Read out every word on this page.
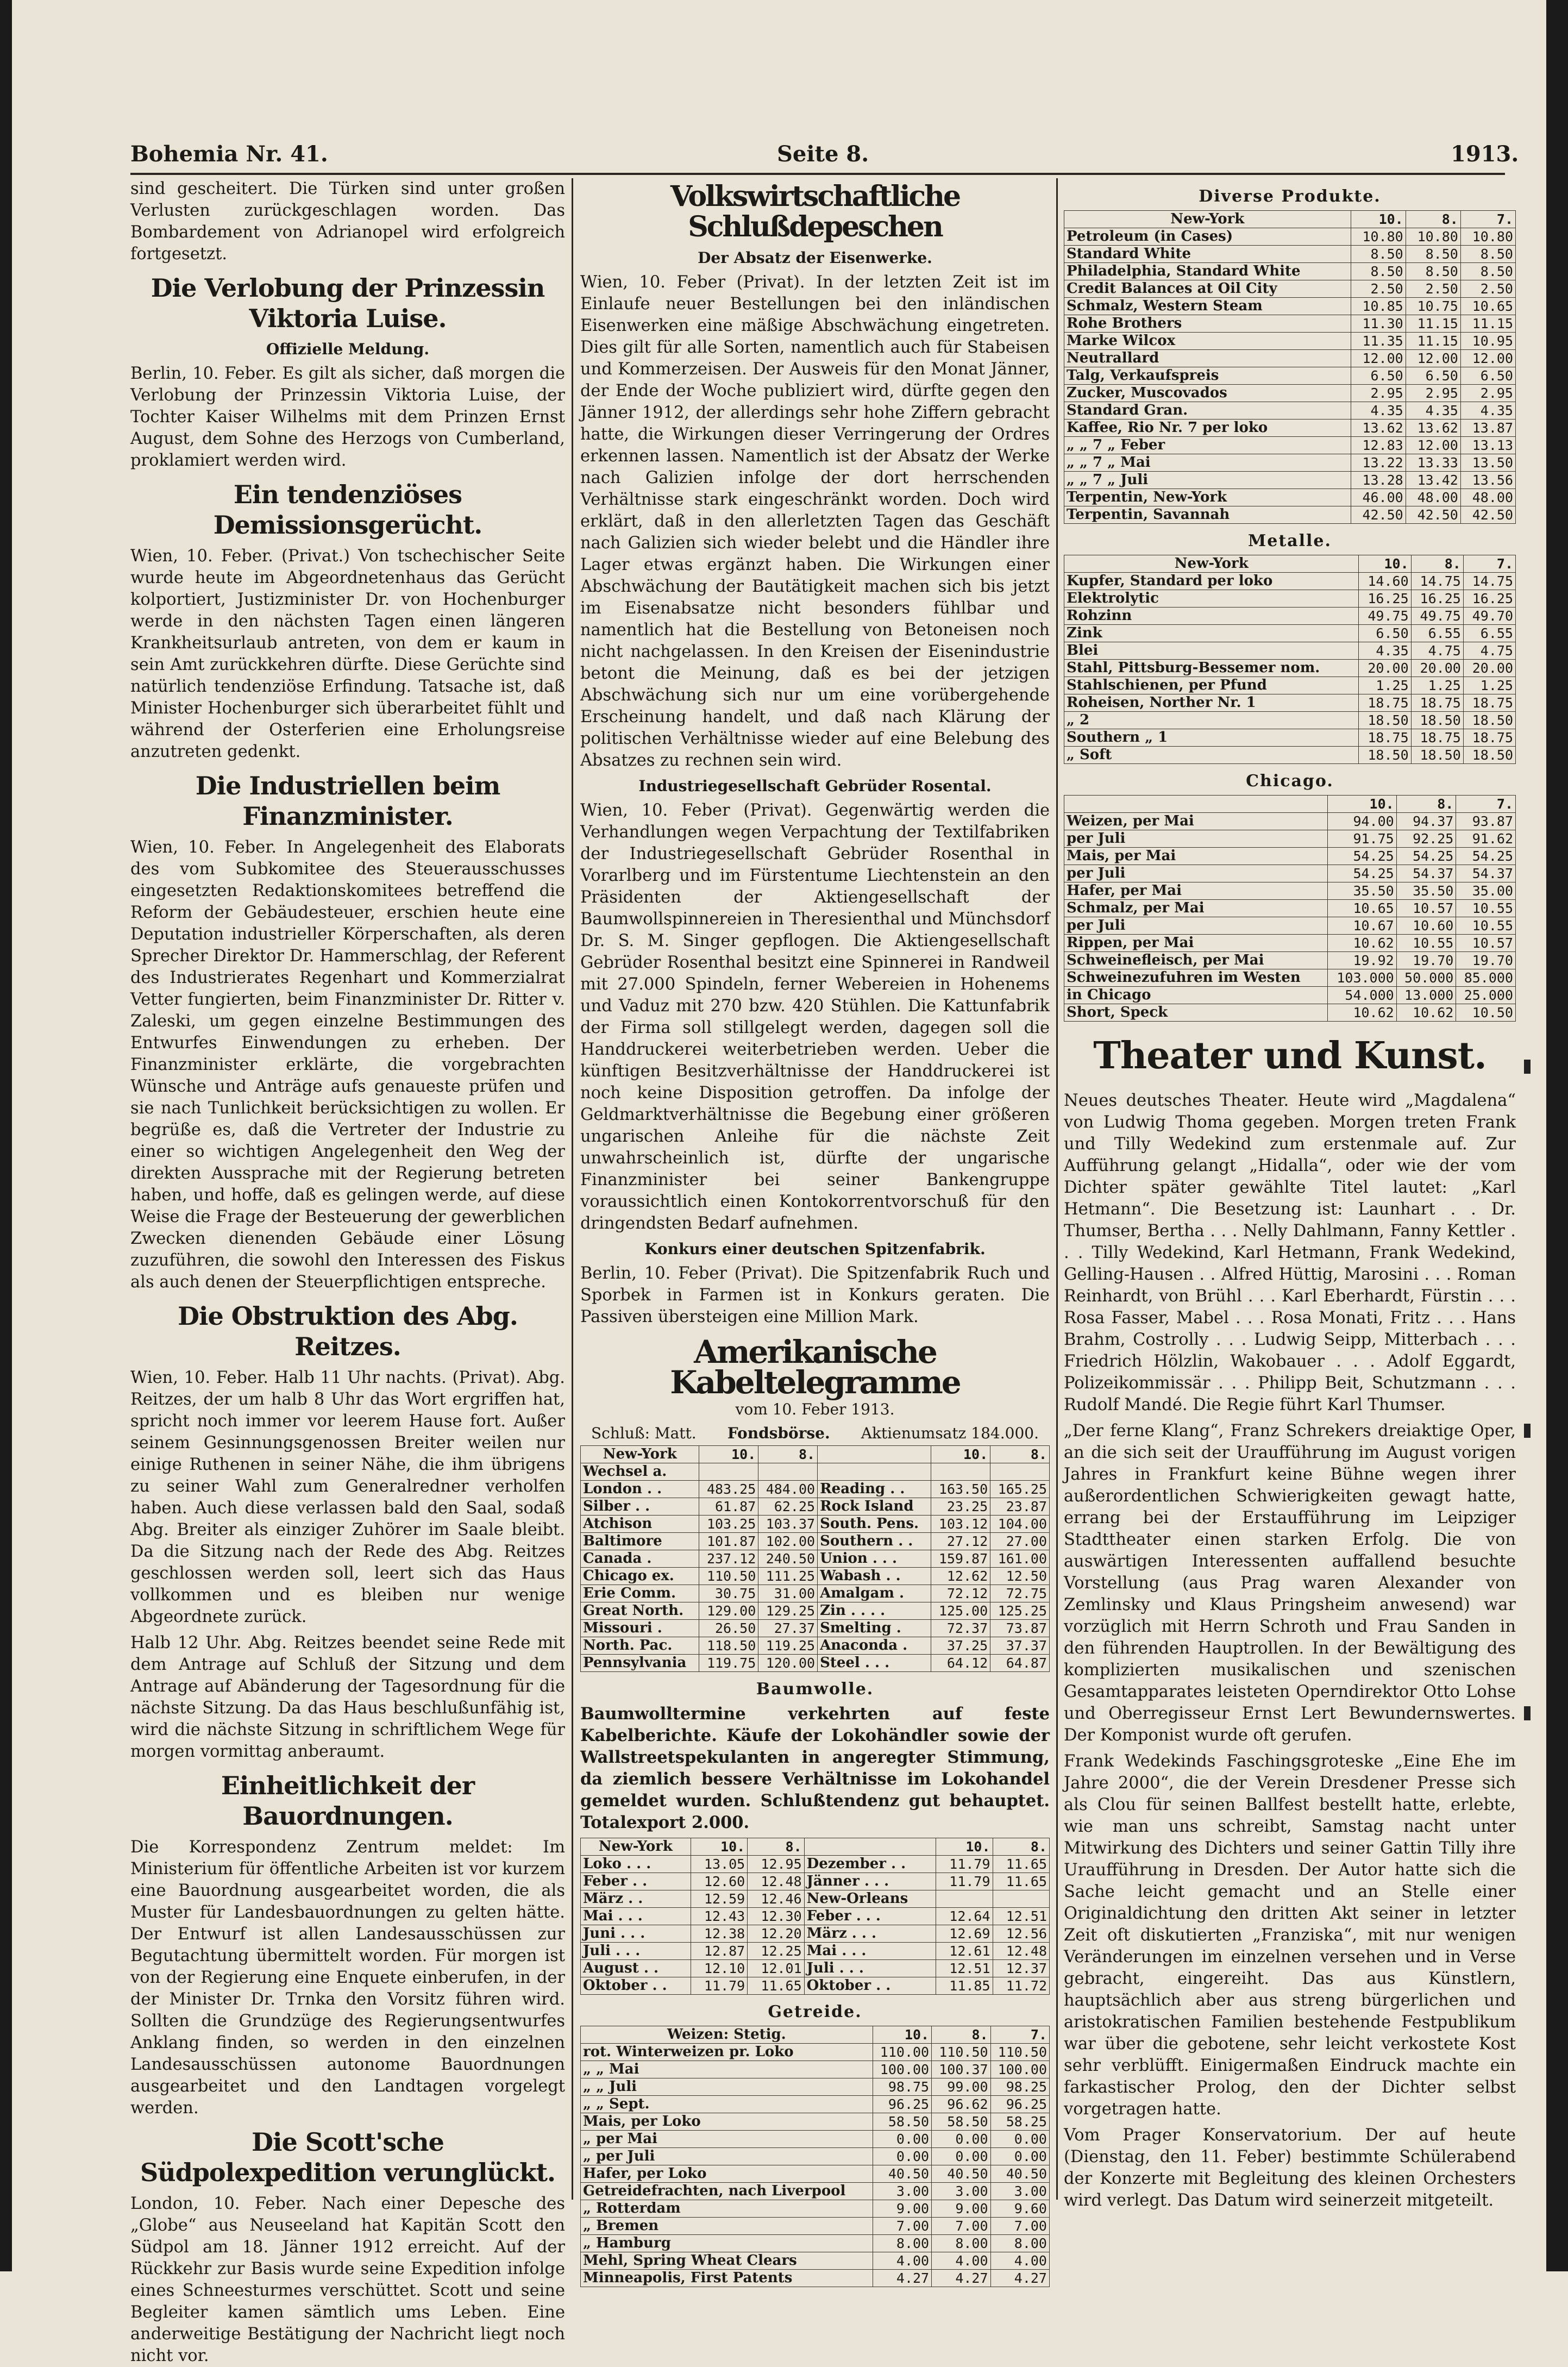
Bohemia Nr. 41.	Seite 8.	1913.

sind gescheitert. Die Türken sind unter großen Verlusten zurückgeschlagen worden. Das Bombardement von Adrianopel wird erfolgreich fortgesetzt.

Die Verlobung der Prinzessin Viktoria Luise.
Offizielle Meldung.

Berlin, 10. Feber. Es gilt als sicher, daß morgen die Verlobung der Prinzessin Viktoria Luise, der Tochter Kaiser Wilhelms mit dem Prinzen Ernst August, dem Sohne des Herzogs von Cumberland, proklamiert werden wird.

Ein tendenziöses Demissionsgerücht.

Wien, 10. Feber. (Privat.) Von tschechischer Seite wurde heute im Abgeordnetenhaus das Gerücht kolportiert, Justizminister Dr. von Hochenburger werde in den nächsten Tagen einen längeren Krankheitsurlaub antreten, von dem er kaum in sein Amt zurückkehren dürfte. Diese Gerüchte sind natürlich tendenziöse Erfindung. Tatsache ist, daß Minister Hochenburger sich überarbeitet fühlt und während der Osterferien eine Erholungsreise anzutreten gedenkt.

Die Industriellen beim Finanzminister.

Wien, 10. Feber. In Angelegenheit des Elaborats des vom Subkomitee des Steuerausschusses eingesetzten Redaktionskomitees betreffend die Reform der Gebäudesteuer, erschien heute eine Deputation industrieller Körperschaften, als deren Sprecher Direktor Dr. Hammerschlag, der Referent des Industrierates Regenhart und Kommerzialrat Vetter fungierten, beim Finanzminister Dr. Ritter v. Zaleski, um gegen einzelne Bestimmungen des Entwurfes Einwendungen zu erheben. Der Finanzminister erklärte, die vorgebrachten Wünsche und Anträge aufs genaueste prüfen und sie nach Tunlichkeit berücksichtigen zu wollen. Er begrüße es, daß die Vertreter der Industrie zu einer so wichtigen Angelegenheit den Weg der direkten Aussprache mit der Regierung betreten haben, und hoffe, daß es gelingen werde, auf diese Weise die Frage der Besteuerung der gewerblichen Zwecken dienenden Gebäude einer Lösung zuzuführen, die sowohl den Interessen des Fiskus als auch denen der Steuerpflichtigen entspreche.

Die Obstruktion des Abg. Reitzes.

Wien, 10. Feber. Halb 11 Uhr nachts. (Privat). Abg. Reitzes, der um halb 8 Uhr das Wort ergriffen hat, spricht noch immer vor leerem Hause fort. Außer seinem Gesinnungsgenossen Breiter weilen nur einige Ruthenen in seiner Nähe, die ihm übrigens zu seiner Wahl zum Generalredner verholfen haben. Auch diese verlassen bald den Saal, sodaß Abg. Breiter als einziger Zuhörer im Saale bleibt. Da die Sitzung nach der Rede des Abg. Reitzes geschlossen werden soll, leert sich das Haus vollkommen und es bleiben nur wenige Abgeordnete zurück.

Halb 12 Uhr. Abg. Reitzes beendet seine Rede mit dem Antrage auf Schluß der Sitzung und dem Antrage auf Abänderung der Tagesordnung für die nächste Sitzung. Da das Haus beschlußunfähig ist, wird die nächste Sitzung in schriftlichem Wege für morgen vormittag anberaumt.

Einheitlichkeit der Bauordnungen.

Die Korrespondenz Zentrum meldet: Im Ministerium für öffentliche Arbeiten ist vor kurzem eine Bauordnung ausgearbeitet worden, die als Muster für Landesbauordnungen zu gelten hätte. Der Entwurf ist allen Landesausschüssen zur Begutachtung übermittelt worden. Für morgen ist von der Regierung eine Enquete einberufen, in der der Minister Dr. Trnka den Vorsitz führen wird. Sollten die Grundzüge des Regierungsentwurfes Anklang finden, so werden in den einzelnen Landesausschüssen autonome Bauordnungen ausgearbeitet und den Landtagen vorgelegt werden.

Die Scott'sche Südpolexpedition verunglückt.

London, 10. Feber. Nach einer Depesche des „Globe“ aus Neuseeland hat Kapitän Scott den Südpol am 18. Jänner 1912 erreicht. Auf der Rückkehr zur Basis wurde seine Expedition infolge eines Schneesturmes verschüttet. Scott und seine Begleiter kamen sämtlich ums Leben. Eine anderweitige Bestätigung der Nachricht liegt noch nicht vor.

Volkswirtschaftliche Schlußdepeschen
Der Absatz der Eisenwerke.

Wien, 10. Feber (Privat). In der letzten Zeit ist im Einlaufe neuer Bestellungen bei den inländischen Eisenwerken eine mäßige Abschwächung eingetreten. Dies gilt für alle Sorten, namentlich auch für Stabeisen und Kommerzeisen. Der Ausweis für den Monat Jänner, der Ende der Woche publiziert wird, dürfte gegen den Jänner 1912, der allerdings sehr hohe Ziffern gebracht hatte, die Wirkungen dieser Verringerung der Ordres erkennen lassen. Namentlich ist der Absatz der Werke nach Galizien infolge der dort herrschenden Verhältnisse stark eingeschränkt worden. Doch wird erklärt, daß in den allerletzten Tagen das Geschäft nach Galizien sich wieder belebt und die Händler ihre Lager etwas ergänzt haben. Die Wirkungen einer Abschwächung der Bautätigkeit machen sich bis jetzt im Eisenabsatze nicht besonders fühlbar und namentlich hat die Bestellung von Betoneisen noch nicht nachgelassen. In den Kreisen der Eisenindustrie betont die Meinung, daß es bei der jetzigen Abschwächung sich nur um eine vorübergehende Erscheinung handelt, und daß nach Klärung der politischen Verhältnisse wieder auf eine Belebung des Absatzes zu rechnen sein wird.

Industriegesellschaft Gebrüder Rosental.

Wien, 10. Feber (Privat). Gegenwärtig werden die Verhandlungen wegen Verpachtung der Textilfabriken der Industriegesellschaft Gebrüder Rosenthal in Vorarlberg und im Fürstentume Liechtenstein an den Präsidenten der Aktiengesellschaft der Baumwollspinnereien in Theresienthal und Münchsdorf Dr. S. M. Singer gepflogen. Die Aktiengesellschaft Gebrüder Rosenthal besitzt eine Spinnerei in Randweil mit 27.000 Spindeln, ferner Webereien in Hohenems und Vaduz mit 270 bzw. 420 Stühlen. Die Kattunfabrik der Firma soll stillgelegt werden, dagegen soll die Handdruckerei weiterbetrieben werden. Ueber die künftigen Besitzverhältnisse der Handdruckerei ist noch keine Disposition getroffen. Da infolge der Geldmarktverhältnisse die Begebung einer größeren ungarischen Anleihe für die nächste Zeit unwahrscheinlich ist, dürfte der ungarische Finanzminister bei seiner Bankengruppe voraussichtlich einen Kontokorrentvorschuß für den dringendsten Bedarf aufnehmen.

Konkurs einer deutschen Spitzenfabrik.

Berlin, 10. Feber (Privat). Die Spitzenfabrik Ruch und Sporbek in Farmen ist in Konkurs geraten. Die Passiven übersteigen eine Million Mark.

Amerikanische Kabeltelegramme
vom 10. Feber 1913.
Schluß: Matt. Fondsbörse. Aktienumsatz 184.000.
New-York	10.	8.		10.	8.
Wechsel a.					
London . .	483.25	484.00	Reading . .	163.50	165.25
Silber . .	61.87	62.25	Rock Island	23.25	23.87
Atchison	103.25	103.37	South. Pens.	103.12	104.00
Baltimore	101.87	102.00	Southern . .	27.12	27.00
Canada .	237.12	240.50	Union . . .	159.87	161.00
Chicago ex.	110.50	111.25	Wabash . .	12.62	12.50
Erie Comm.	30.75	31.00	Amalgam .	72.12	72.75
Great North.	129.00	129.25	Zin . . . .	125.00	125.25
Missouri .	26.50	27.37	Smelting .	72.37	73.87
North. Pac.	118.50	119.25	Anaconda .	37.25	37.37
Pennsylvania	119.75	120.00	Steel . . .	64.12	64.87
Baumwolle.

Baumwolltermine verkehrten auf feste Kabelberichte. Käufe der Lokohändler sowie der Wallstreetspekulanten in angeregter Stimmung, da ziemlich bessere Verhältnisse im Lokohandel gemeldet wurden. Schlußtendenz gut behauptet. Totalexport 2.000.

New-York	10.	8.		10.	8.
Loko . . .	13.05	12.95	Dezember . .	11.79	11.65
Feber . .	12.60	12.48	Jänner . . .	11.79	11.65
März . .	12.59	12.46	New-Orleans		
Mai . . .	12.43	12.30	Feber . . .	12.64	12.51
Juni . . .	12.38	12.20	März . . .	12.69	12.56
Juli . . .	12.87	12.25	Mai . . .	12.61	12.48
August . .	12.10	12.01	Juli . . .	12.51	12.37
Oktober . .	11.79	11.65	Oktober . .	11.85	11.72
Getreide.
Weizen: Stetig.	10.	8.	7.
rot. Winterweizen pr. Loko	110.00	110.50	110.50
„ „ Mai	100.00	100.37	100.00
„ „ Juli	98.75	99.00	98.25
„ „ Sept.	96.25	96.62	96.25
Mais, per Loko	58.50	58.50	58.25
„ per Mai	0.00	0.00	0.00
„ per Juli	0.00	0.00	0.00
Hafer, per Loko	40.50	40.50	40.50
Getreidefrachten, nach Liverpool	3.00	3.00	3.00
„ Rotterdam	9.00	9.00	9.60
„ Bremen	7.00	7.00	7.00
„ Hamburg	8.00	8.00	8.00
Mehl, Spring Wheat Clears	4.00	4.00	4.00
Minneapolis, First Patents	4.27	4.27	4.27
Diverse Produkte.
New-York	10.	8.	7.
Petroleum (in Cases)	10.80	10.80	10.80
Standard White	8.50	8.50	8.50
Philadelphia, Standard White	8.50	8.50	8.50
Credit Balances at Oil City	2.50	2.50	2.50
Schmalz, Western Steam	10.85	10.75	10.65
Rohe Brothers	11.30	11.15	11.15
Marke Wilcox	11.35	11.15	10.95
Neutrallard	12.00	12.00	12.00
Talg, Verkaufspreis	6.50	6.50	6.50
Zucker, Muscovados	2.95	2.95	2.95
Standard Gran.	4.35	4.35	4.35
Kaffee, Rio Nr. 7 per loko	13.62	13.62	13.87
„ „ 7 „ Feber	12.83	12.00	13.13
„ „ 7 „ Mai	13.22	13.33	13.50
„ „ 7 „ Juli	13.28	13.42	13.56
Terpentin, New-York	46.00	48.00	48.00
Terpentin, Savannah	42.50	42.50	42.50
Metalle.
New-York	10.	8.	7.
Kupfer, Standard per loko	14.60	14.75	14.75
Elektrolytic	16.25	16.25	16.25
Rohzinn	49.75	49.75	49.70
Zink	6.50	6.55	6.55
Blei	4.35	4.75	4.75
Stahl, Pittsburg-Bessemer nom.	20.00	20.00	20.00
Stahlschienen, per Pfund	1.25	1.25	1.25
Roheisen, Norther Nr. 1	18.75	18.75	18.75
„ 2	18.50	18.50	18.50
Southern „ 1	18.75	18.75	18.75
„ Soft	18.50	18.50	18.50
Chicago.
	10.	8.	7.
Weizen, per Mai	94.00	94.37	93.87
per Juli	91.75	92.25	91.62
Mais, per Mai	54.25	54.25	54.25
per Juli	54.25	54.37	54.37
Hafer, per Mai	35.50	35.50	35.00
Schmalz, per Mai	10.65	10.57	10.55
per Juli	10.67	10.60	10.55
Rippen, per Mai	10.62	10.55	10.57
Schweinefleisch, per Mai	19.92	19.70	19.70
Schweinezufuhren im Westen	103.000	50.000	85.000
in Chicago	54.000	13.000	25.000
Short, Speck	10.62	10.62	10.50
Theater und Kunst.

Neues deutsches Theater. Heute wird „Magdalena“ von Ludwig Thoma gegeben. Morgen treten Frank und Tilly Wedekind zum erstenmale auf. Zur Aufführung gelangt „Hidalla“, oder wie der vom Dichter später gewählte Titel lautet: „Karl Hetmann“. Die Besetzung ist: Launhart . . Dr. Thumser, Bertha . . . Nelly Dahlmann, Fanny Kettler . . . Tilly Wedekind, Karl Hetmann, Frank Wedekind, Gelling-Hausen . . Alfred Hüttig, Marosini . . . Roman Reinhardt, von Brühl . . . Karl Eberhardt, Fürstin . . . Rosa Fasser, Mabel . . . Rosa Monati, Fritz . . . Hans Brahm, Costrolly . . . Ludwig Seipp, Mitterbach . . . Friedrich Hölzlin, Wakobauer . . . Adolf Eggardt, Polizeikommissär . . . Philipp Beit, Schutzmann . . . Rudolf Mandé. Die Regie führt Karl Thumser.

„Der ferne Klang“, Franz Schrekers dreiaktige Oper, an die sich seit der Uraufführung im August vorigen Jahres in Frankfurt keine Bühne wegen ihrer außerordentlichen Schwierigkeiten gewagt hatte, errang bei der Erstaufführung im Leipziger Stadttheater einen starken Erfolg. Die von auswärtigen Interessenten auffallend besuchte Vorstellung (aus Prag waren Alexander von Zemlinsky und Klaus Pringsheim anwesend) war vorzüglich mit Herrn Schroth und Frau Sanden in den führenden Hauptrollen. In der Bewältigung des komplizierten musikalischen und szenischen Gesamtapparates leisteten Operndirektor Otto Lohse und Oberregisseur Ernst Lert Bewundernswertes. Der Komponist wurde oft gerufen.

Frank Wedekinds Faschingsgroteske „Eine Ehe im Jahre 2000“, die der Verein Dresdener Presse sich als Clou für seinen Ballfest bestellt hatte, erlebte, wie man uns schreibt, Samstag nacht unter Mitwirkung des Dichters und seiner Gattin Tilly ihre Uraufführung in Dresden. Der Autor hatte sich die Sache leicht gemacht und an Stelle einer Originaldichtung den dritten Akt seiner in letzter Zeit oft diskutierten „Franziska“, mit nur wenigen Veränderungen im einzelnen versehen und in Verse gebracht, eingereiht. Das aus Künstlern, hauptsächlich aber aus streng bürgerlichen und aristokratischen Familien bestehende Festpublikum war über die gebotene, sehr leicht verkostete Kost sehr verblüfft. Einigermaßen Eindruck machte ein farkastischer Prolog, den der Dichter selbst vorgetragen hatte.

Vom Prager Konservatorium. Der auf heute (Dienstag, den 11. Feber) bestimmte Schülerabend der Konzerte mit Begleitung des kleinen Orchesters wird verlegt. Das Datum wird seinerzeit mitgeteilt.
